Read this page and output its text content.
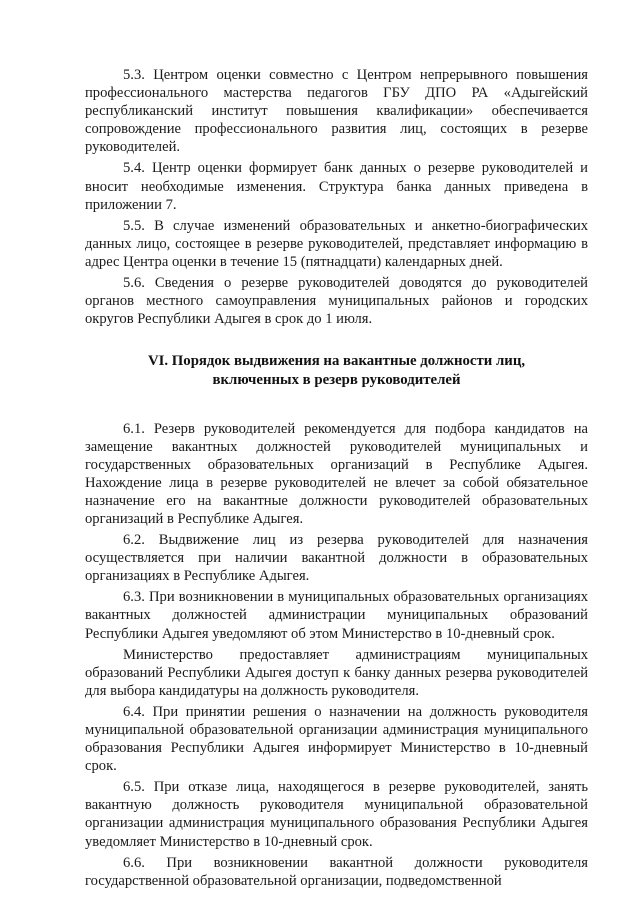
5.3. Центром оценки совместно с Центром непрерывного повышения профессионального мастерства педагогов ГБУ ДПО РА «Адыгейский республиканский институт повышения квалификации» обеспечивается сопровождение профессионального развития лиц, состоящих в резерве руководителей.

5.4. Центр оценки формирует банк данных о резерве руководителей и вносит необходимые изменения. Структура банка данных приведена в приложении 7.

5.5. В случае изменений образовательных и анкетно-биографических данных лицо, состоящее в резерве руководителей, представляет информацию в адрес Центра оценки в течение 15 (пятнадцати) календарных дней.

5.6. Сведения о резерве руководителей доводятся до руководителей органов местного самоуправления муниципальных районов и городских округов Республики Адыгея в срок до 1 июля.

VI. Порядок выдвижения на вакантные должности лиц,
включенных в резерв руководителей

6.1. Резерв руководителей рекомендуется для подбора кандидатов на замещение вакантных должностей руководителей муниципальных и государственных образовательных организаций в Республике Адыгея. Нахождение лица в резерве руководителей не влечет за собой обязательное назначение его на вакантные должности руководителей образовательных организаций в Республике Адыгея.

6.2. Выдвижение лиц из резерва руководителей для назначения осуществляется при наличии вакантной должности в образовательных организациях в Республике Адыгея.

6.3. При возникновении в муниципальных образовательных организациях вакантных должностей администрации муниципальных образований Республики Адыгея уведомляют об этом Министерство в 10-дневный срок.

Министерство предоставляет администрациям муниципальных образований Республики Адыгея доступ к банку данных резерва руководителей для выбора кандидатуры на должность руководителя.

6.4. При принятии решения о назначении на должность руководителя муниципальной образовательной организации администрация муниципального образования Республики Адыгея информирует Министерство в 10-дневный срок.

6.5. При отказе лица, находящегося в резерве руководителей, занять вакантную должность руководителя муниципальной образовательной организации администрация муниципального образования Республики Адыгея уведомляет Министерство в 10-дневный срок.

6.6. При возникновении вакантной должности руководителя государственной образовательной организации, подведомственной
